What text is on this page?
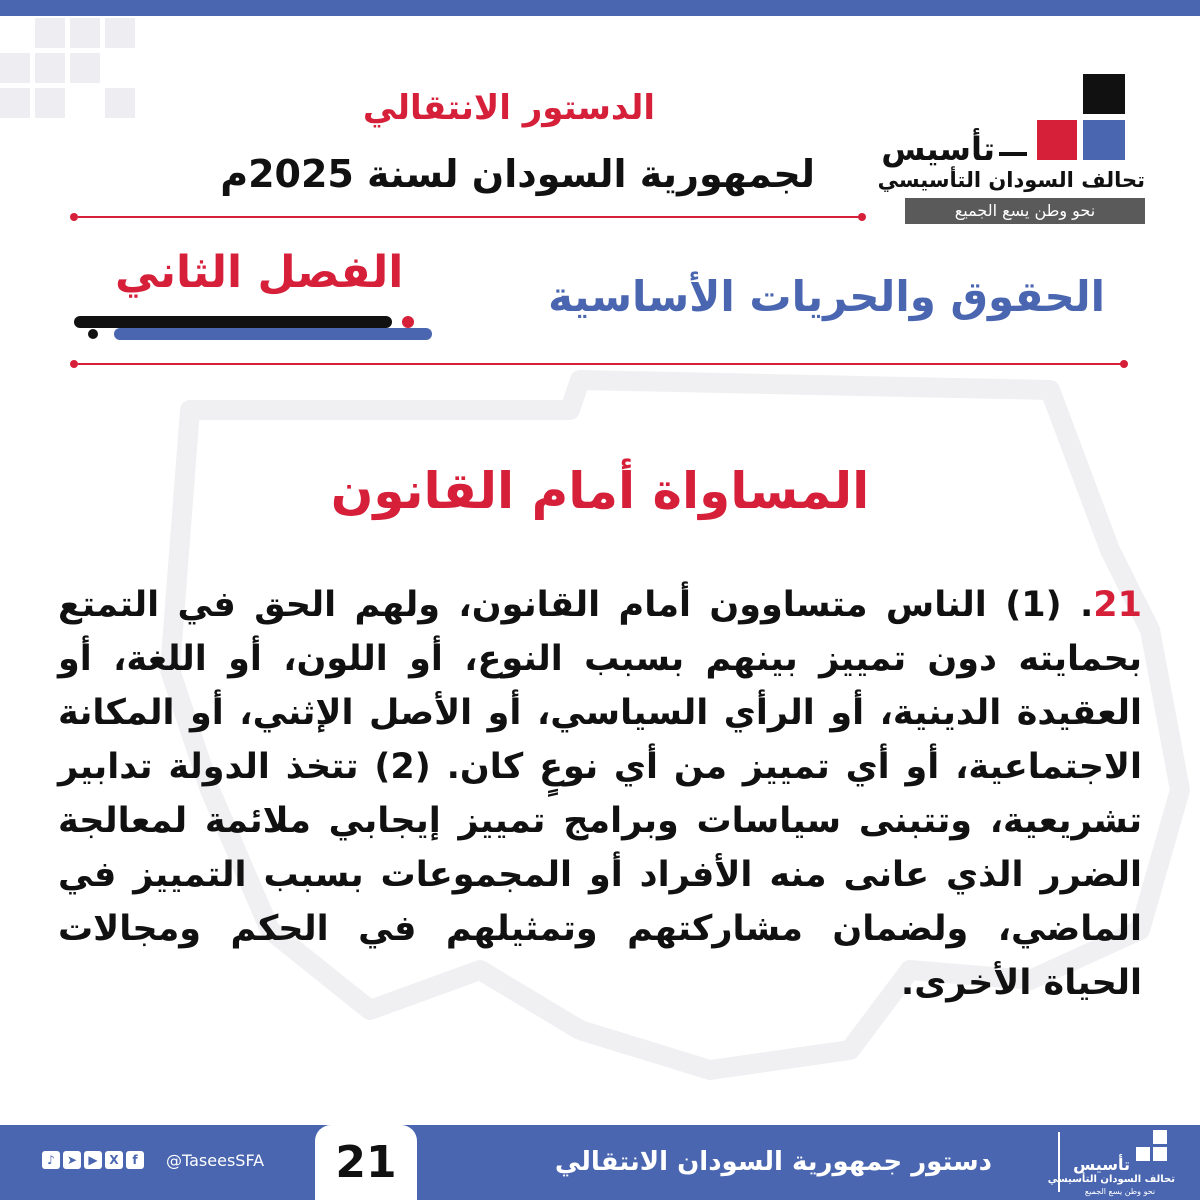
تأسيس
تحالف السودان التأسيسي
نحو وطن يسع الجميع
الدستور الانتقالي
لجمهورية السودان لسنة 2025م
الفصل الثاني	الحقوق والحريات الأساسية
المساواة أمام القانون
21. (1) الناس متساوون أمام القانون، ولهم الحق في التمتع بحمايته دون تمييز بينهم بسبب النوع، أو اللون، أو اللغة، أو العقيدة الدينية، أو الرأي السياسي، أو الأصل الإثني، أو المكانة الاجتماعية، أو أي تمييز من أي نوعٍ كان. (2) تتخذ الدولة تدابير تشريعية، وتتبنى سياسات وبرامج تمييز إيجابي ملائمة لمعالجة الضرر الذي عانى منه الأفراد أو المجموعات بسبب التمييز في الماضي، ولضمان مشاركتهم وتمثيلهم في الحكم ومجالات الحياة الأخرى.
دستور جمهورية السودان الانتقالي
21
@TaseesSFA
f
X
▶
➤
♪	تأسيس
تحالف السودان التأسيسي
نحو وطن يسع الجميع
